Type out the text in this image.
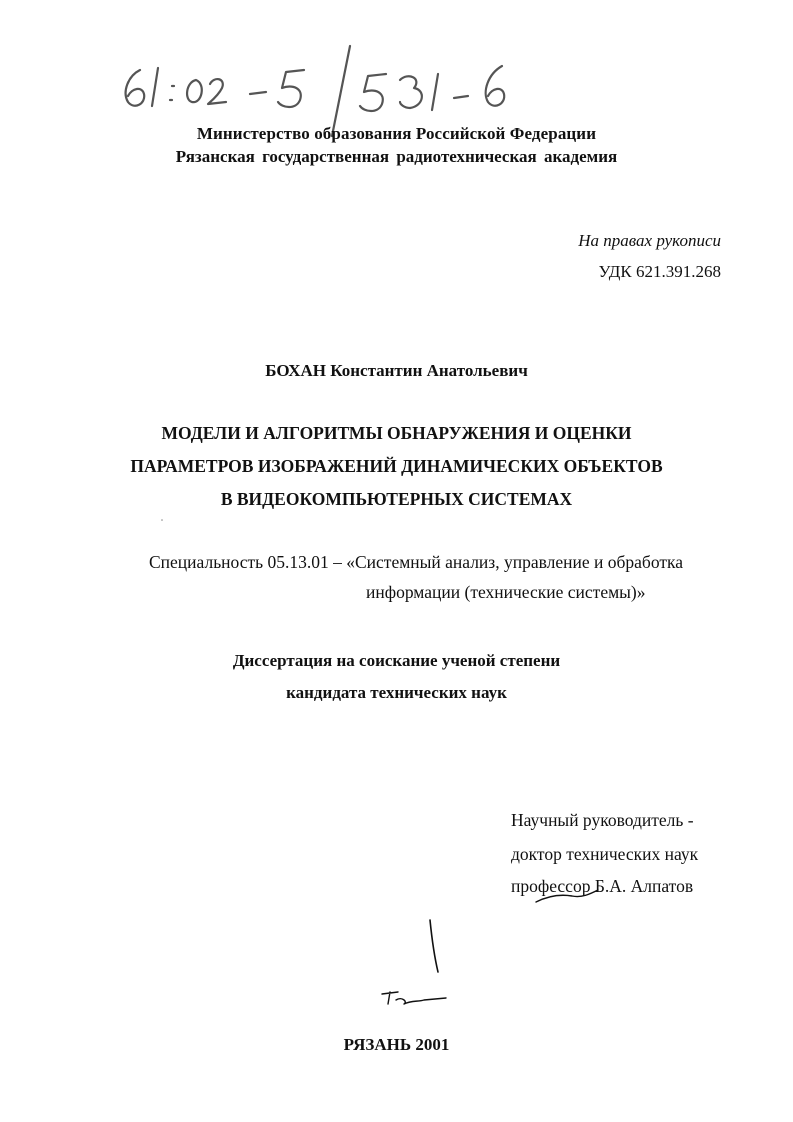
Министерство образования Российской Федерации
Рязанская государственная радиотехническая академия
На правах рукописи
УДК 621.391.268
БОХАН Константин Анатольевич
МОДЕЛИ И АЛГОРИТМЫ ОБНАРУЖЕНИЯ И ОЦЕНКИ
ПАРАМЕТРОВ ИЗОБРАЖЕНИЙ ДИНАМИЧЕСКИХ ОБЪЕКТОВ
В ВИДЕОКОМПЬЮТЕРНЫХ СИСТЕМАХ
Специальность 05.13.01 – «Системный анализ, управление и обработка
информации (технические системы)»
Диссертация на соискание ученой степени
кандидата технических наук
Научный руководитель -
доктор технических наук
профессор Б.А. Алпатов
РЯЗАНЬ 2001
